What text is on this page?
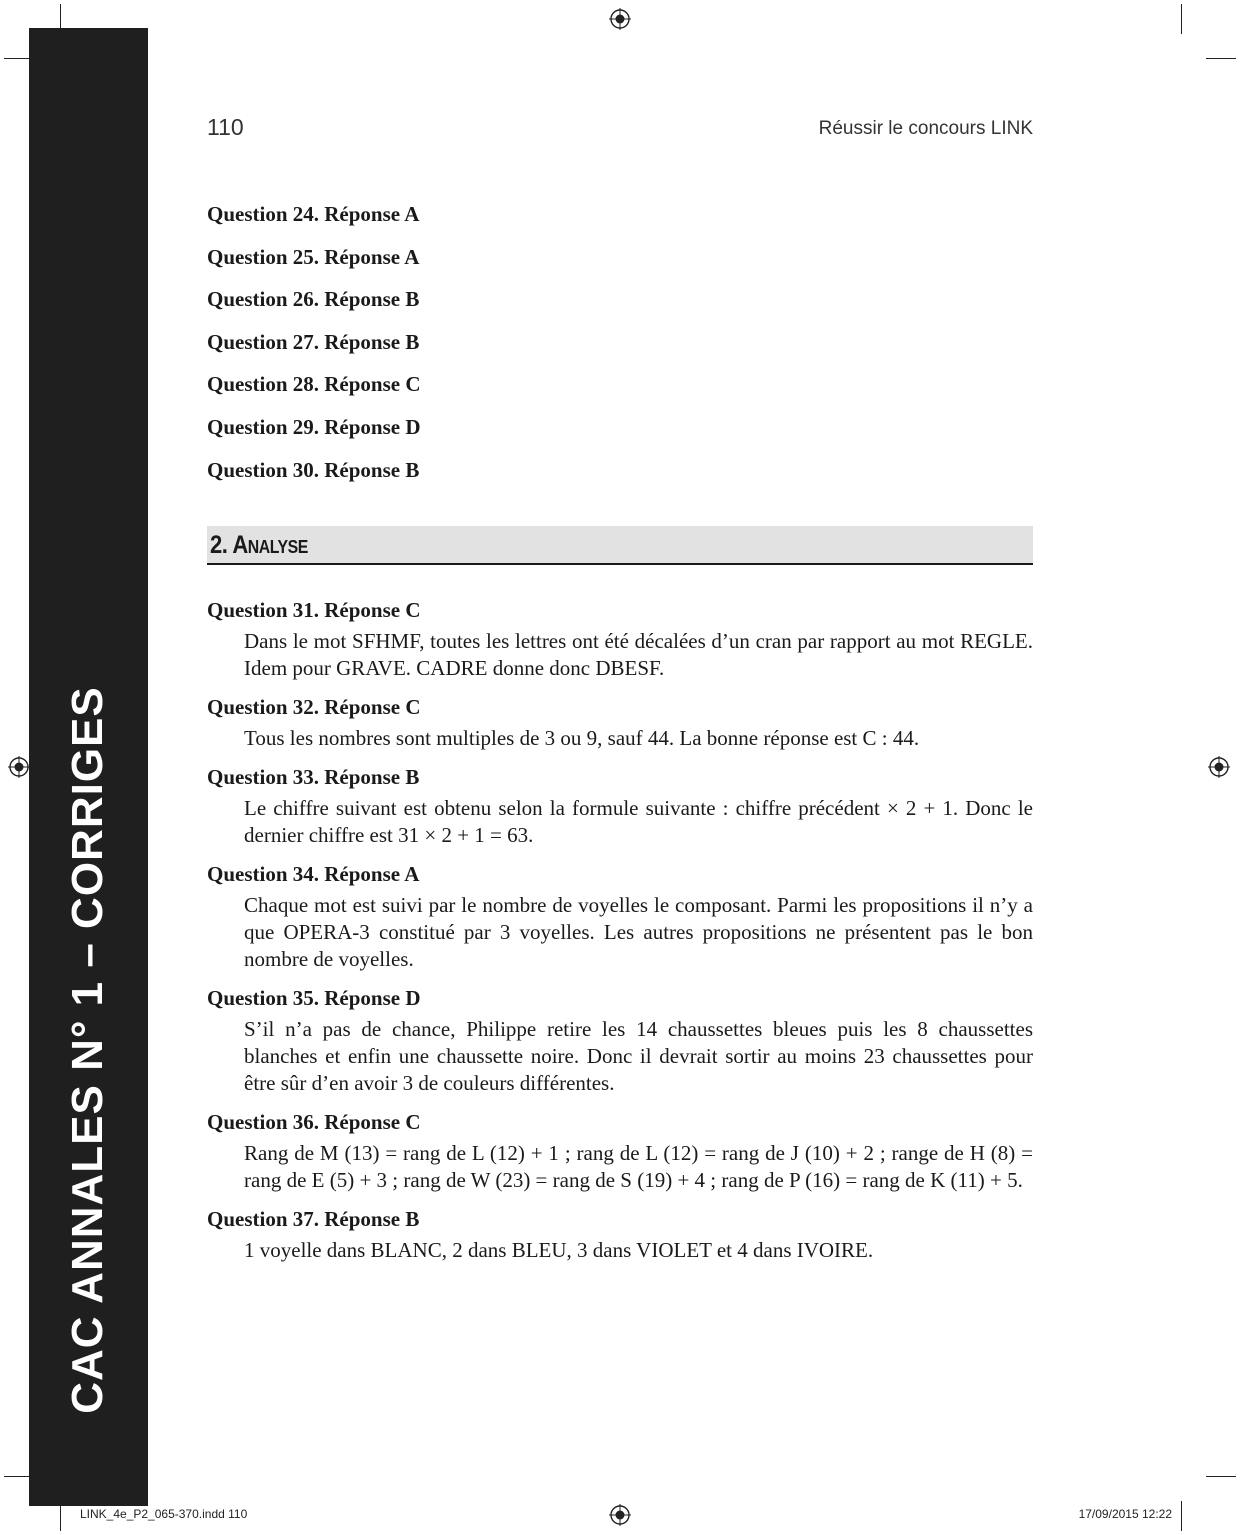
CAC ANNALES N° 1 – CORRIGES
110	Réussir le concours LINK
Question 24. Réponse A
Question 25. Réponse A
Question 26. Réponse B
Question 27. Réponse B
Question 28. Réponse C
Question 29. Réponse D
Question 30. Réponse B
2. Analyse
Question 31. Réponse C
Dans le mot SFHMF, toutes les lettres ont été décalées d’un cran par rapport au mot REGLE. Idem pour GRAVE. CADRE donne donc DBESF.
Question 32. Réponse C
Tous les nombres sont multiples de 3 ou 9, sauf 44. La bonne réponse est C : 44.
Question 33. Réponse B
Le chiffre suivant est obtenu selon la formule suivante : chiffre précédent × 2 + 1. Donc le dernier chiffre est 31 × 2 + 1 = 63.
Question 34. Réponse A
Chaque mot est suivi par le nombre de voyelles le composant. Parmi les propositions il n’y a que OPERA-3 constitué par 3 voyelles. Les autres propositions ne présentent pas le bon nombre de voyelles.
Question 35. Réponse D
S’il n’a pas de chance, Philippe retire les 14 chaussettes bleues puis les 8 chaussettes blanches et enfin une chaussette noire. Donc il devrait sortir au moins 23 chaussettes pour être sûr d’en avoir 3 de couleurs différentes.
Question 36. Réponse C
Rang de M (13) = rang de L (12) + 1 ; rang de L (12) = rang de J (10) + 2 ; range de H (8) = rang de E (5) + 3 ; rang de W (23) = rang de S (19) + 4 ; rang de P (16) = rang de K (11) + 5.
Question 37. Réponse B
1 voyelle dans BLANC, 2 dans BLEU, 3 dans VIOLET et 4 dans IVOIRE.
LINK_4e_P2_065-370.indd 110	17/09/2015 12:22
